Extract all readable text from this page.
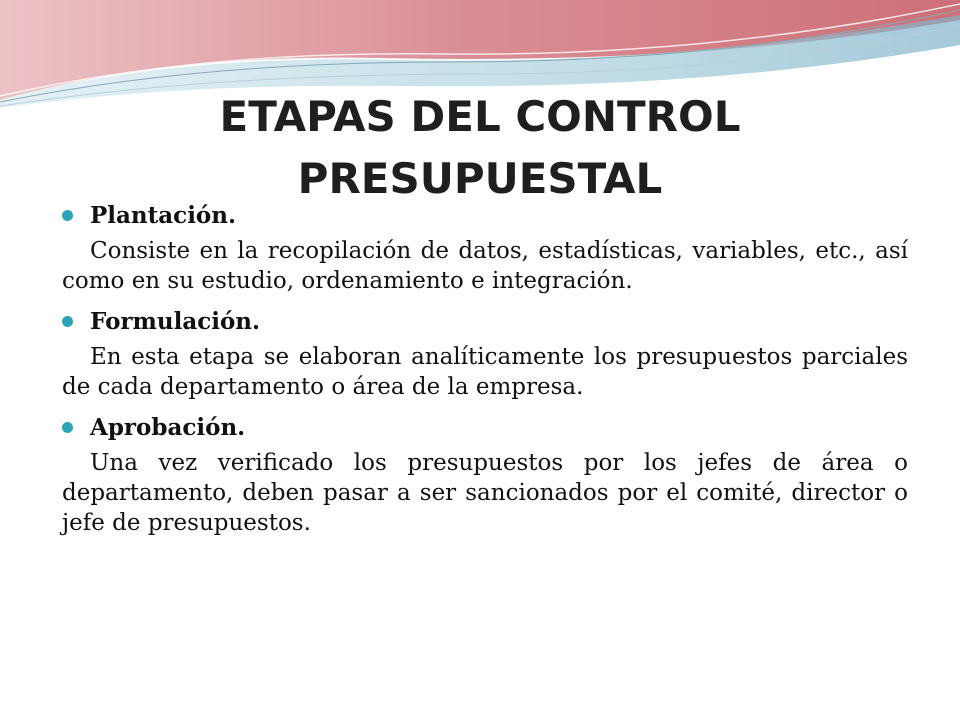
ETAPAS DEL CONTROL
PRESUPUESTAL

Plantación.

Consiste en la recopilación de datos, estadísticas, variables, etc., así como en su estudio, ordenamiento e integración.

Formulación.

En esta etapa se elaboran analíticamente los presupuestos parciales de cada departamento o área de la empresa.

Aprobación.

Una vez verificado los presupuestos por los jefes de área o departamento, deben pasar a ser sancionados por el comité, director o jefe de presupuestos.
